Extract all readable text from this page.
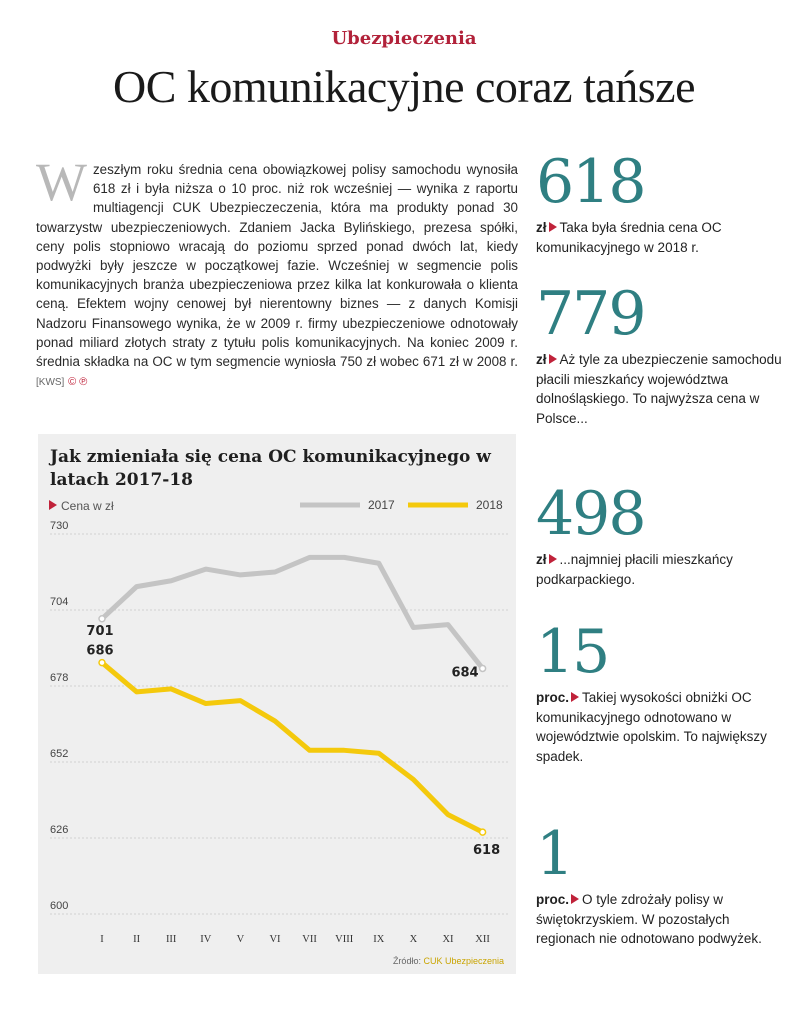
Ubezpieczenia
OC komunikacyjne coraz tańsze
W zeszłym roku średnia cena obowiązkowej polisy samochodu wynosiła 618 zł i była niższa o 10 proc. niż rok wcześniej — wynika z raportu multiagencji CUK Ubezpieczeczenia, która ma produkty ponad 30 towarzystw ubezpieczeniowych. Zdaniem Jacka Bylińskiego, prezesa spółki, ceny polis stopniowo wracają do poziomu sprzed ponad dwóch lat, kiedy podwyżki były jeszcze w początkowej fazie. Wcześniej w segmencie polis komunikacyjnych branża ubezpieczeniowa przez kilka lat konkurowała o klienta ceną. Efektem wojny cenowej był nierentowny biznes — z danych Komisji Nadzoru Finansowego wynika, że w 2009 r. firmy ubezpieczeniowe odnotowały ponad miliard złotych straty z tytułu polis komunikacyjnych. Na koniec 2009 r. średnia składka na OC w tym segmencie wyniosła 750 zł wobec 671 zł w 2008 r. [KWS] © ℗
Jak zmieniała się cena OC komunikacyjnego w latach 2017-18
Cena w zł	2017	2018
600
626
652
678
704
730
I	II III IV V VI VII VIII IX X XI XII
701
686
684
618
Źródło: CUK Ubezpieczenia
618
zł Taka była średnia cena OC komunikacyjnego w 2018 r.
779
zł Aż tyle za ubezpieczenie samochodu płacili mieszkańcy województwa dolnośląskiego. To najwyższa cena w Polsce...
498
zł ...najmniej płacili mieszkańcy podkarpackiego.
15
proc. Takiej wysokości obniżki OC komunikacyjnego odnotowano w województwie opolskim. To największy spadek.
1
proc. O tyle zdrożały polisy w świętokrzyskiem. W pozostałych regionach nie odnotowano podwyżek.
